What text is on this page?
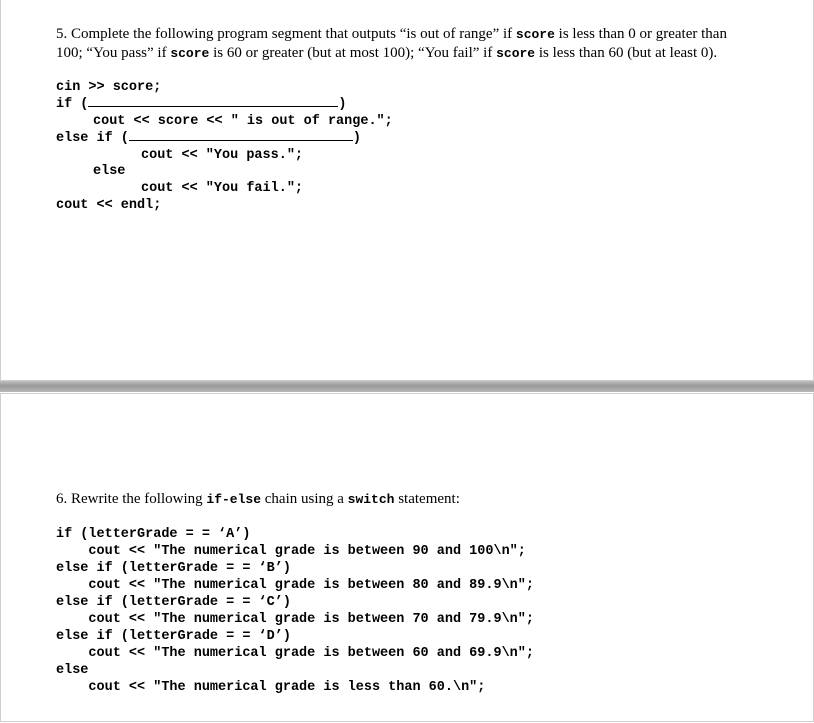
5. Complete the following program segment that outputs “is out of range” if score is less than 0 or greater than 100; “You pass” if score is 60 or greater (but at most 100); “You fail” if score is less than 60 (but at least 0).

cin >> score;
if (	)
cout << score << " is out of range.";
else if (	)
cout << "You pass.";
else
cout << "You fail.";
cout << endl;

6. Rewrite the following if-else chain using a switch statement:

if (letterGrade = = ‘A’)
cout << "The numerical grade is between 90 and 100\n";
else if (letterGrade = = ‘B’)
cout << "The numerical grade is between 80 and 89.9\n";
else if (letterGrade = = ‘C’)
cout << "The numerical grade is between 70 and 79.9\n";
else if (letterGrade = = ‘D’)
cout << "The numerical grade is between 60 and 69.9\n";
else
cout << "The numerical grade is less than 60.\n";
